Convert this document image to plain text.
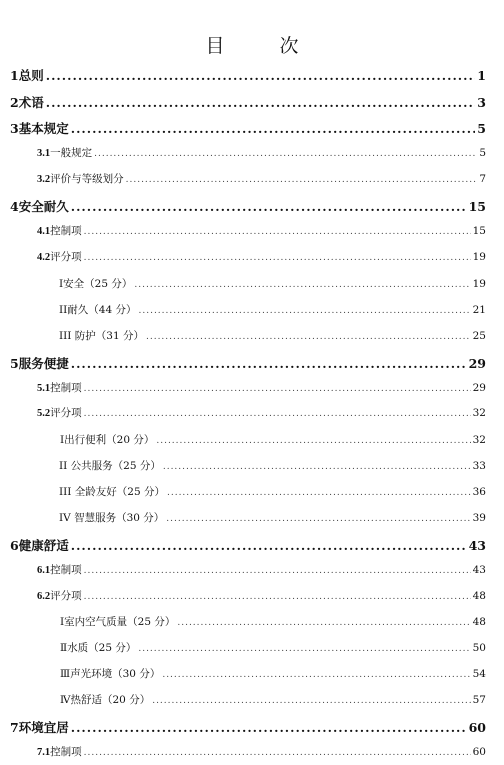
目　次
1 总则 .....	1
2 术语 .....	3
3 基本规定 .....	5
3.1 一般规定 .....	5
3.2 评价与等级划分 .....	7
4 安全耐久 .....	15
4.1 控制项 .....	15
4.2 评分项 .....	19
I安全（25 分） .....	19
II耐久（44 分） .....	21
III 防护（31 分） .....	25
5 服务便捷 .....	29
5.1 控制项 .....	29
5.2 评分项 .....	32
Ⅰ出行便利（20 分） .....	32
II 公共服务（25 分） .....	33
III 全龄友好（25 分） .....	36
IV 智慧服务（30 分） .....	39
6 健康舒适 .....	43
6.1 控制项 .....	43
6.2 评分项 .....	48
Ⅰ室内空气质量（25 分） .....	48
Ⅱ水质（25 分） .....	50
Ⅲ声光环境（30 分） .....	54
Ⅳ热舒适（20 分） .....	57
7 环境宜居 .....	60
7.1 控制项 .....	60
